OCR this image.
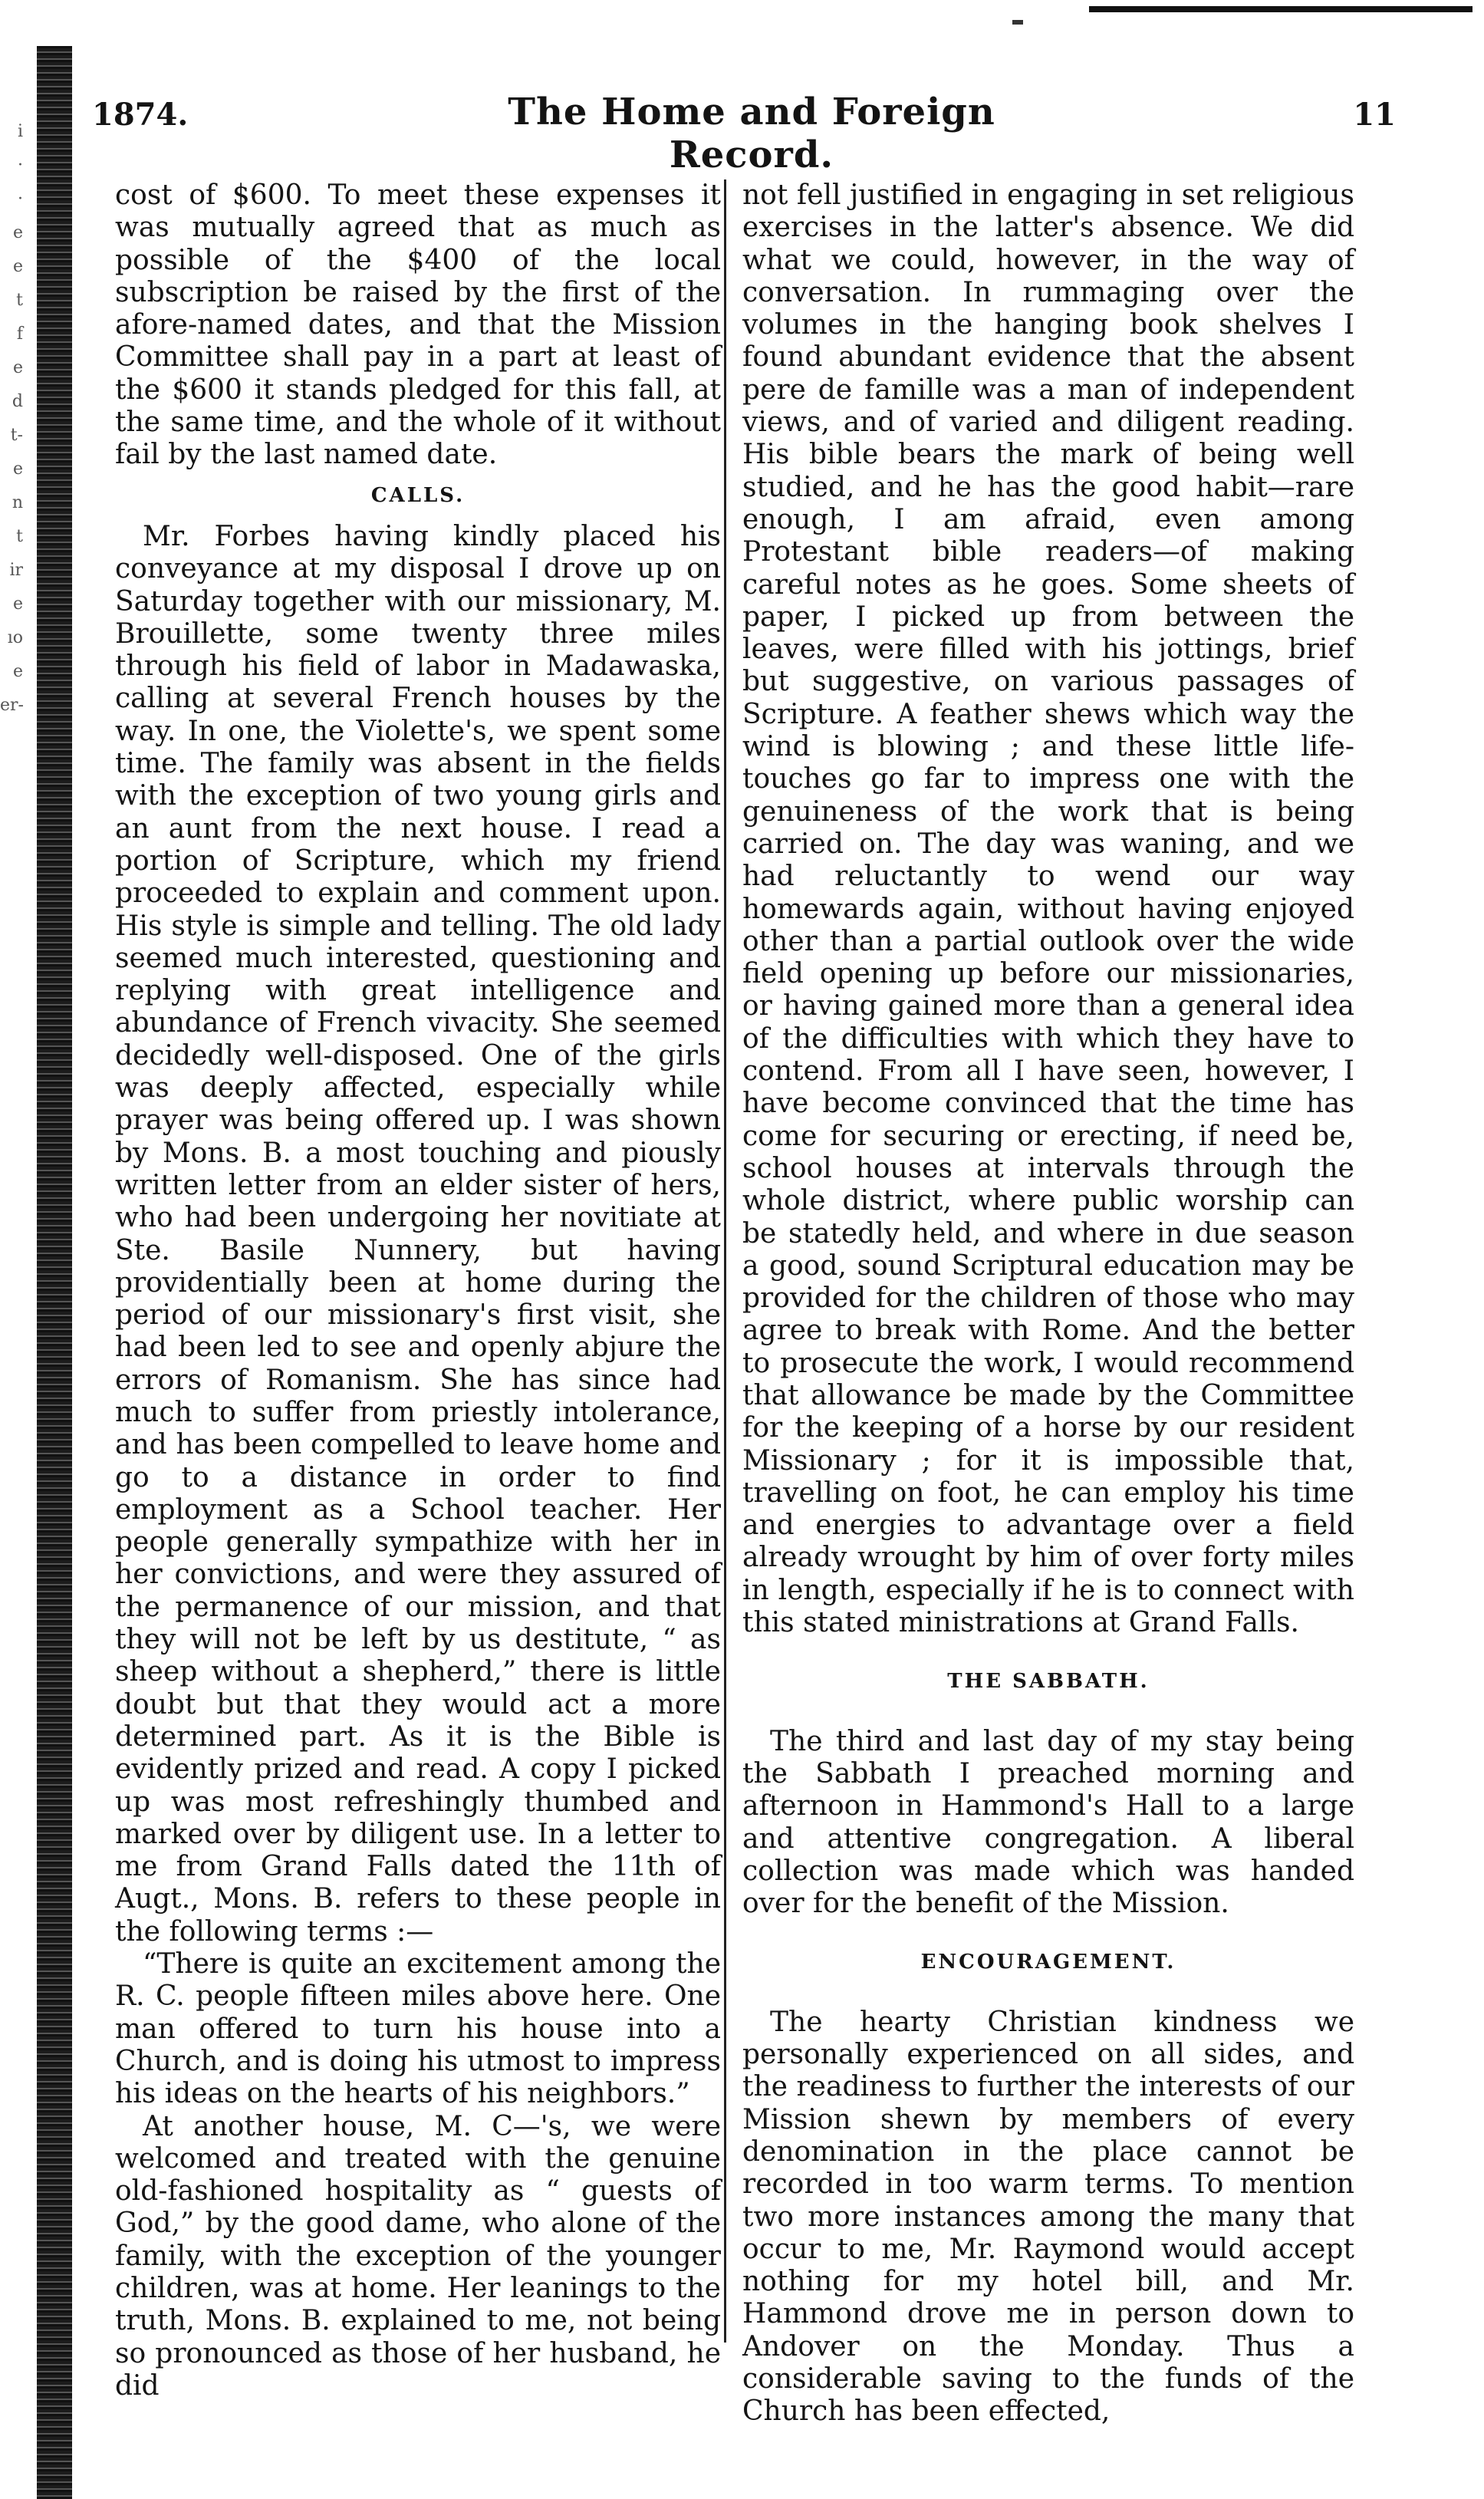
i
·
·
e
e
t
f
e
d
t-
e
n
t
ir
e
ıo
e
er-
1874.	The Home and Foreign Record.
11

cost of $600. To meet these expenses it was mutually agreed that as much as possible of the $400 of the local subscription be raised by the first of the afore-named dates, and that the Mission Committee shall pay in a part at least of the $600 it stands pledged for this fall, at the same time, and the whole of it without fail by the last named date.

CALLS.

Mr. Forbes having kindly placed his conveyance at my disposal I drove up on Saturday together with our missionary, M. Brouillette, some twenty three miles through his field of labor in Madawaska, calling at several French houses by the way. In one, the Violette's, we spent some time. The family was absent in the fields with the exception of two young girls and an aunt from the next house. I read a portion of Scripture, which my friend proceeded to explain and comment upon. His style is simple and telling. The old lady seemed much interested, questioning and replying with great intelligence and abundance of French vivacity. She seemed decidedly well-disposed. One of the girls was deeply affected, especially while prayer was being offered up. I was shown by Mons. B. a most touching and piously written letter from an elder sister of hers, who had been undergoing her novitiate at Ste. Basile Nunnery, but having providentially been at home during the period of our missionary's first visit, she had been led to see and openly abjure the errors of Romanism. She has since had much to suffer from priestly intolerance, and has been compelled to leave home and go to a distance in order to find employment as a School teacher. Her people generally sympathize with her in her convictions, and were they assured of the permanence of our mission, and that they will not be left by us destitute, “ as sheep without a shepherd,” there is little doubt but that they would act a more determined part. As it is the Bible is evidently prized and read. A copy I picked up was most refreshingly thumbed and marked over by diligent use. In a letter to me from Grand Falls dated the 11th of Augt., Mons. B. refers to these people in the following terms :—

“There is quite an excitement among the R. C. people fifteen miles above here. One man offered to turn his house into a Church, and is doing his utmost to impress his ideas on the hearts of his neighbors.”

At another house, M. C—'s, we were welcomed and treated with the genuine old-fashioned hospitality as “ guests of God,” by the good dame, who alone of the family, with the exception of the younger children, was at home. Her leanings to the truth, Mons. B. explained to me, not being so pronounced as those of her husband, he did

not fell justified in engaging in set religious exercises in the latter's absence. We did what we could, however, in the way of conversation. In rummaging over the volumes in the hanging book shelves I found abundant evidence that the absent pere de famille was a man of independent views, and of varied and diligent reading. His bible bears the mark of being well studied, and he has the good habit—rare enough, I am afraid, even among Protestant bible readers—of making careful notes as he goes. Some sheets of paper, I picked up from between the leaves, were filled with his jottings, brief but suggestive, on various passages of Scripture. A feather shews which way the wind is blowing ; and these little life-touches go far to impress one with the genuineness of the work that is being carried on. The day was waning, and we had reluctantly to wend our way homewards again, without having enjoyed other than a partial outlook over the wide field opening up before our missionaries, or having gained more than a general idea of the difficulties with which they have to contend. From all I have seen, however, I have become convinced that the time has come for securing or erecting, if need be, school houses at intervals through the whole district, where public worship can be statedly held, and where in due season a good, sound Scriptural education may be provided for the children of those who may agree to break with Rome. And the better to prosecute the work, I would recommend that allowance be made by the Committee for the keeping of a horse by our resident Missionary ; for it is impossible that, travelling on foot, he can employ his time and energies to advantage over a field already wrought by him of over forty miles in length, especially if he is to connect with this stated ministrations at Grand Falls.

THE SABBATH.

The third and last day of my stay being the Sabbath I preached morning and afternoon in Hammond's Hall to a large and attentive congregation. A liberal collection was made which was handed over for the benefit of the Mission.

ENCOURAGEMENT.

The hearty Christian kindness we personally experienced on all sides, and the readiness to further the interests of our Mission shewn by members of every denomination in the place cannot be recorded in too warm terms. To mention two more instances among the many that occur to me, Mr. Raymond would accept nothing for my hotel bill, and Mr. Hammond drove me in person down to Andover on the Monday. Thus a considerable saving to the funds of the Church has been effected,
